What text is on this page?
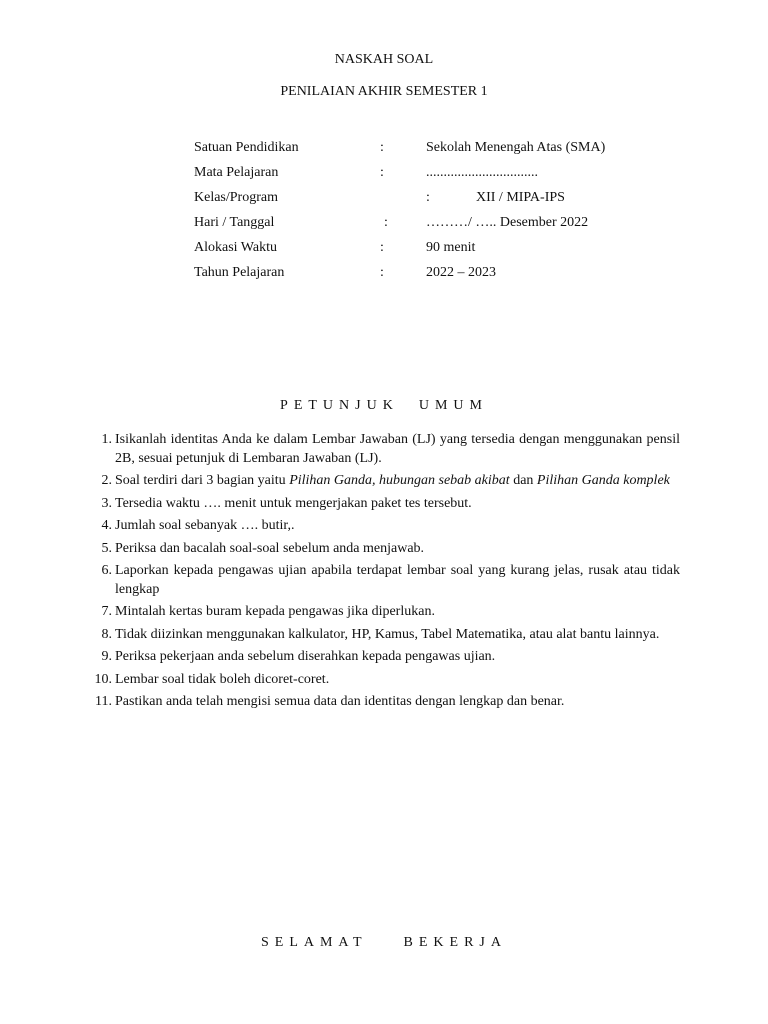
NASKAH SOAL
PENILAIAN AKHIR SEMESTER 1
Satuan Pendidikan	:	Sekolah Menengah Atas (SMA)
Mata Pelajaran	:	................................
Kelas/Program	:	XII / MIPA-IPS
Hari / Tanggal	:	………/ ….. Desember 2022
Alokasi Waktu	:	90 menit
Tahun Pelajaran	:	2022 – 2023
PETUNJUK UMUM
1. Isikanlah identitas Anda ke dalam Lembar Jawaban (LJ) yang tersedia dengan menggunakan pensil 2B, sesuai petunjuk di Lembaran Jawaban (LJ).
2. Soal terdiri dari 3 bagian yaitu Pilihan Ganda, hubungan sebab akibat dan Pilihan Ganda komplek
3. Tersedia waktu …. menit untuk mengerjakan paket tes tersebut.
4. Jumlah soal sebanyak …. butir,.
5. Periksa dan bacalah soal-soal sebelum anda menjawab.
6. Laporkan kepada pengawas ujian apabila terdapat lembar soal yang kurang jelas, rusak atau tidak lengkap
7. Mintalah kertas buram kepada pengawas jika diperlukan.
8. Tidak diizinkan menggunakan kalkulator, HP, Kamus, Tabel Matematika, atau alat bantu lainnya.
9. Periksa pekerjaan anda sebelum diserahkan kepada pengawas ujian.
10. Lembar soal tidak boleh dicoret-coret.
11. Pastikan anda telah mengisi semua data dan identitas dengan lengkap dan benar.
SELAMAT	BEKERJA
